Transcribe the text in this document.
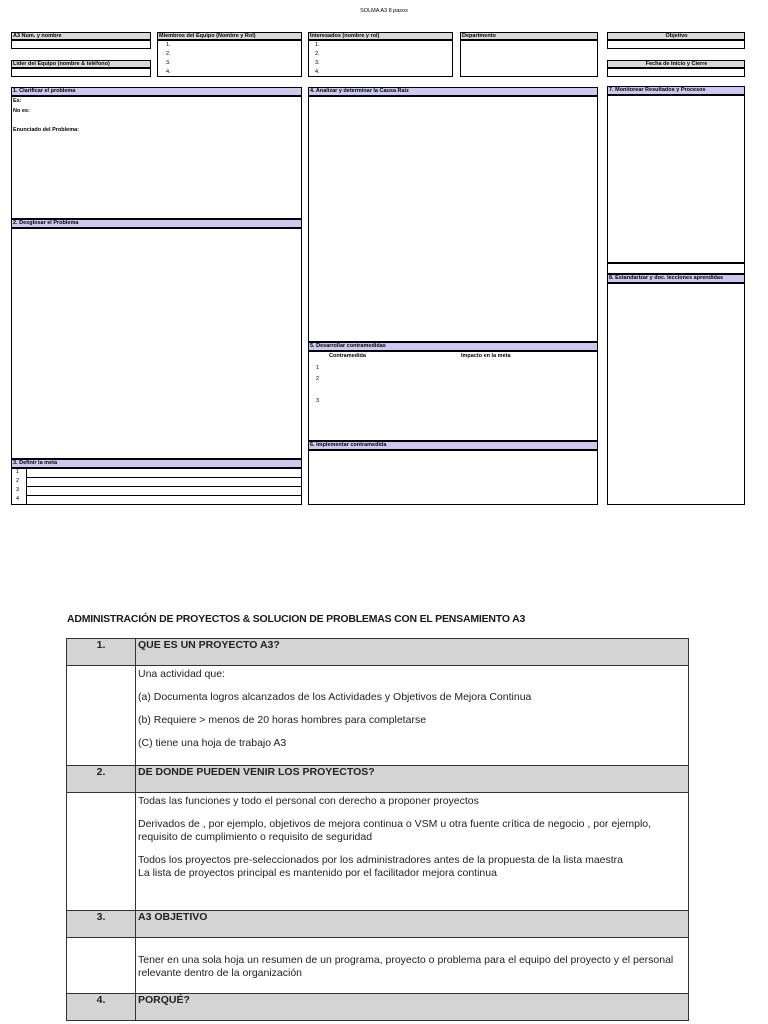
SOLMA A3 8 pasos
A3 Num. y nombre
Líder del Equipo (nombre & teléfono)
Miembros del Equipo (Nombre y Rol)
1.
2.
3.
4.
Interesados (nombre y rol)
1.
2.
3.
4.
Departmento	Objetivo
Fecha de Inicio y Cierre
1. Clarificar el problema
Es:
No es:
Enunciado del Problema:
2. Desglosar el Problema
3. Definir la meta
1
2
3
4
4. Analizar y determinar la Causa Raíz
5. Desarrollar contramedidas
Contramedida	Impacto en la meta
1
2
3
6. Implementar contramedida
7. Monitorear Resultados y Procesos
8. Estandarizar y doc. lecciones aprendidas
ADMINISTRACIÓN DE PROYECTOS & SOLUCION DE PROBLEMAS CON EL PENSAMIENTO A3
1.	QUE ES UN PROYECTO A3?

	Una actividad que:

(a) Documenta logros alcanzados de los Actividades y Objetivos de Mejora Continua

(b) Requiere > menos de 20 horas hombres para completarse

(C) tiene una hoja de trabajo A3

2.	DE DONDE PUEDEN VENIR LOS PROYECTOS?

	Todas las funciones y todo el personal con derecho a proponer proyectos

Derivados de , por ejemplo, objetivos de mejora continua o VSM u otra fuente crítica de negocio , por ejemplo, requisito de cumplimiento o requisito de seguridad

Todos los proyectos pre-seleccionados por los administradores antes de la propuesta de la lista maestra

La lista de proyectos principal es mantenido por el facilitador mejora continua

3.	A3 OBJETIVO

	Tener en una sola hoja un resumen de un programa, proyecto o problema para el equipo del proyecto y el personal relevante dentro de la organización

4.	PORQUÉ?
